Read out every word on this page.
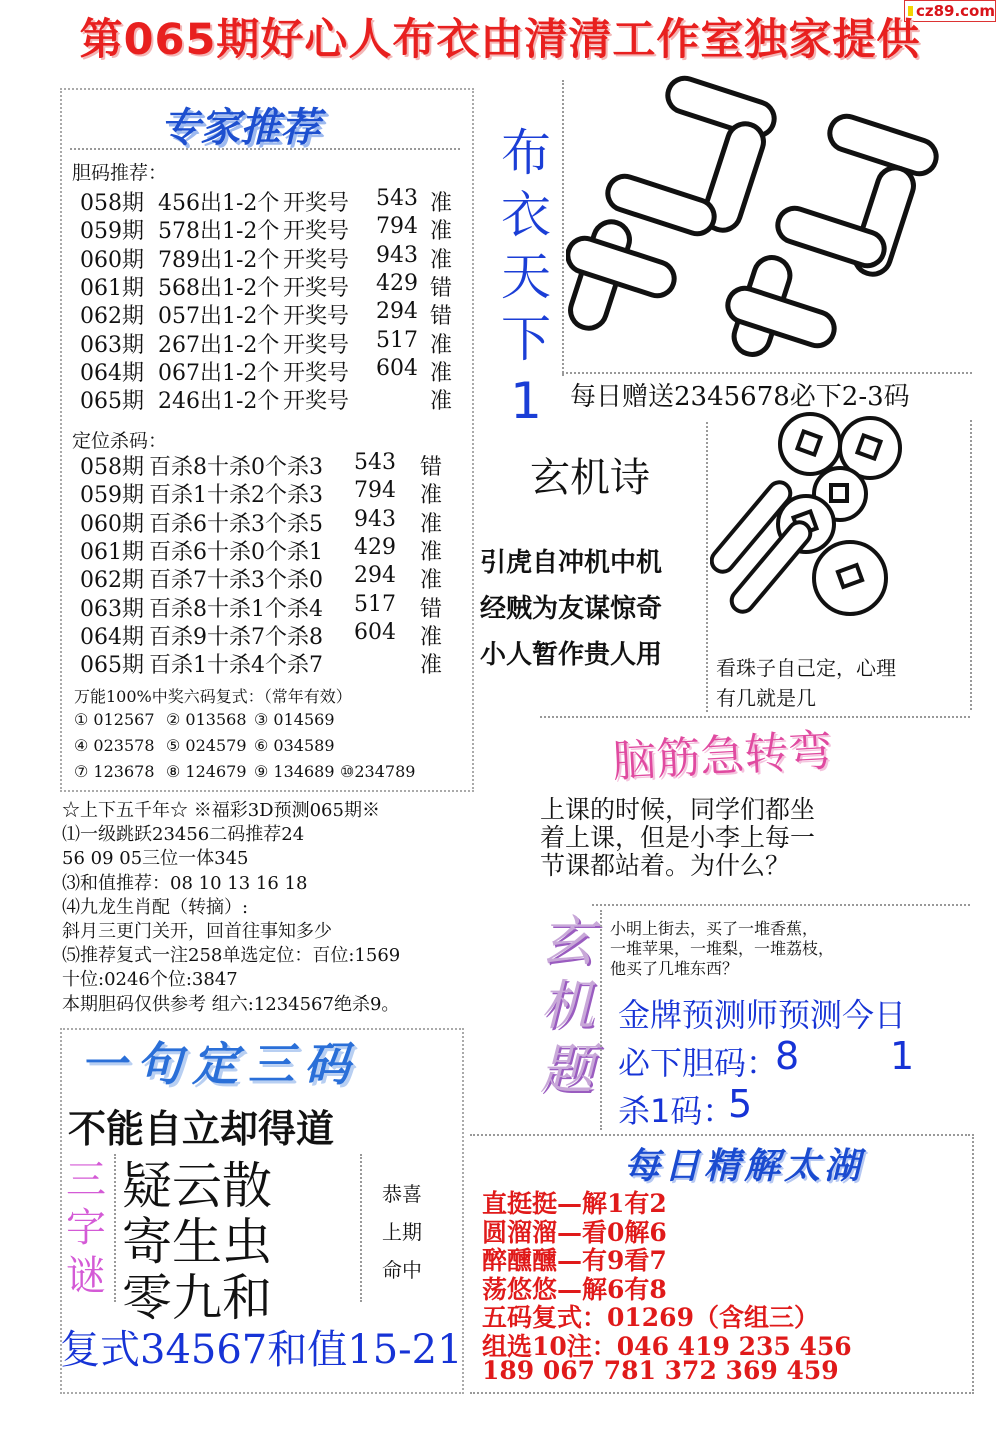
cz89.com
第065期好心人布衣由清清工作室独家提供
专家推荐
胆码推荐：
058期 456出1-2个 开奖号 543 准
059期 578出1-2个 开奖号 794 准
060期 789出1-2个 开奖号 943 准
061期 568出1-2个 开奖号 429 错
062期 057出1-2个 开奖号 294 错
063期 267出1-2个 开奖号 517 准
064期 067出1-2个 开奖号 604 准
065期 246出1-2个 开奖号	准
定位杀码：
058期 百杀8十杀0个杀3 543 错
059期 百杀1十杀2个杀3 794 准
060期 百杀6十杀3个杀5 943 准
061期 百杀6十杀0个杀1 429 准
062期 百杀7十杀3个杀0 294 准
063期 百杀8十杀1个杀4 517 错
064期 百杀9十杀7个杀8 604 准
065期 百杀1十杀4个杀7	准
万能100%中奖六码复式：（常年有效）
① 012567 ② 013568 ③ 014569
④ 023578 ⑤ 024579 ⑥ 034589
⑦ 123678 ⑧ 124679 ⑨ 134689 ⑩234789
☆上下五千年☆ ※福彩3D预测065期※
⑴一级跳跃23456二码推荐24
56 09 05三位一体345
⑶和值推荐：08 10 13 16 18
⑷九龙生肖配（转摘）:
斜月三更门关开，回首往事知多少
⑸推荐复式一注258单选定位：百位:1569
十位:0246个位:3847
本期胆码仅供参考 组六:1234567绝杀9。
一句定三码
不能自立却得道
三字谜
疑云散
寄生虫
零九和
恭喜
上期
命中
复式34567和值15-21
布衣天下1	每日赠送2345678必下2-3码
玄机诗
引虎自冲机中机
经贼为友谋惊奇
小人暂作贵人用	看珠子自己定，心理
有几就是几
脑筋急转弯
上课的时候，同学们都坐
着上课，但是小李上每一
节课都站着。为什么？
玄机题
小明上街去，买了一堆香蕉，
一堆苹果，一堆梨，一堆荔枝，
他买了几堆东西？
金牌预测师预测今日
必下胆码：
8 1
杀1码：
5
每日精解太湖
直挺挺—解1有2
圆溜溜—看0解6
醉醺醺—有9看7
荡悠悠—解6有8
五码复式：01269（含组三）
组选10注：046 419 235 456
189 067 781 372 369 459
